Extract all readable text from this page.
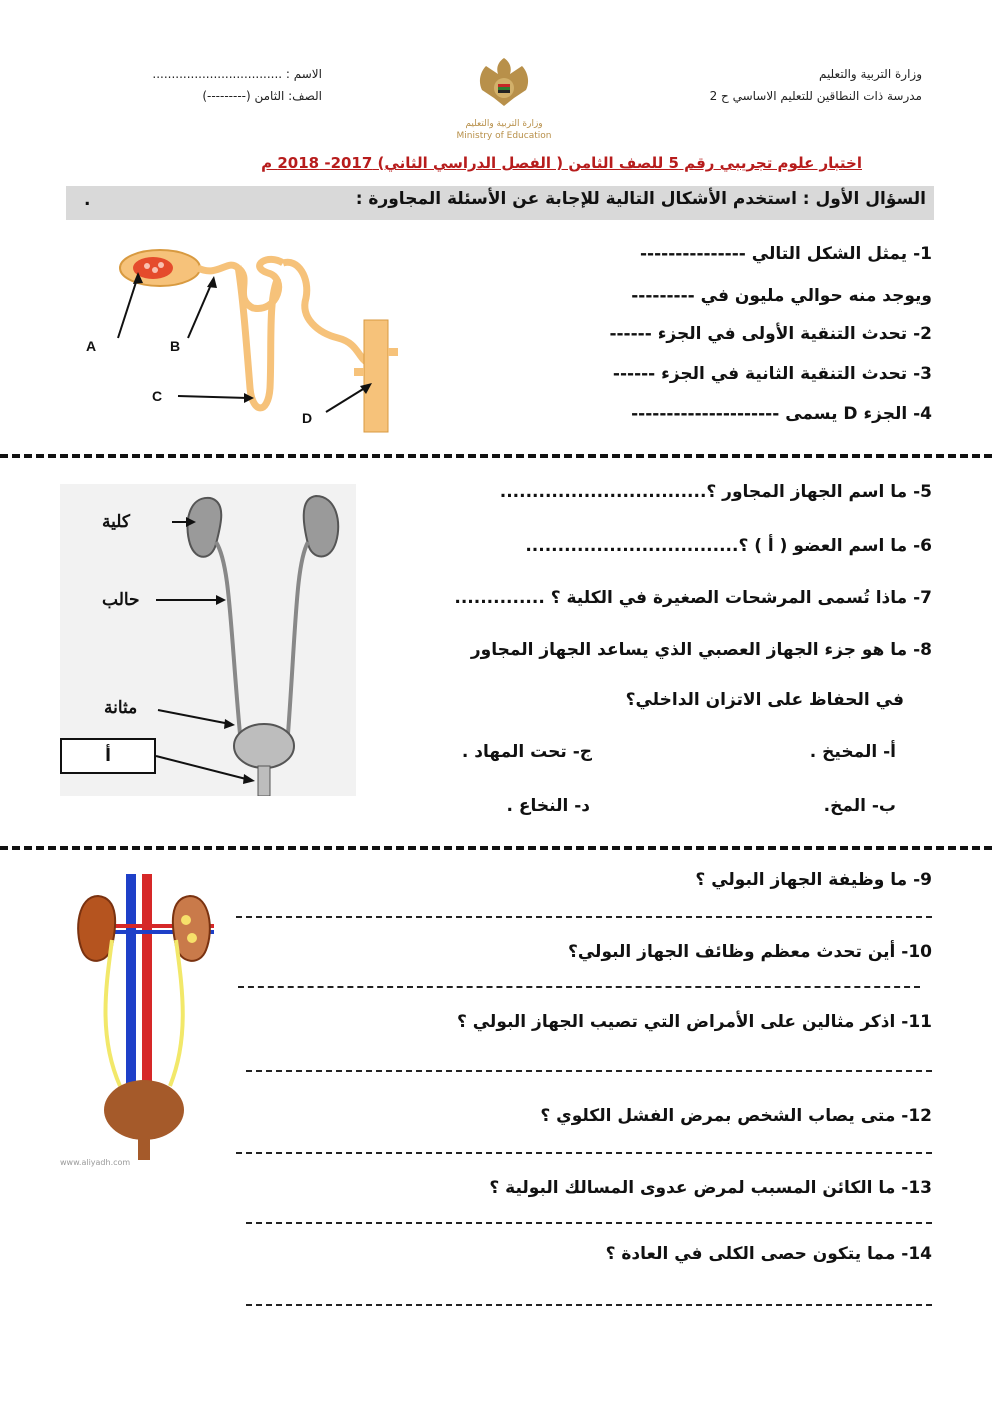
وزارة التربية والتعليم
مدرسة ذات النطاقين للتعليم الاساسي ح 2
الاسم : ..................................
الصف: الثامن (---------)
وزارة التربية والتعليم
Ministry of Education
اختبار علوم تجريبي رقم 5 للصف الثامن ( الفصل الدراسي الثاني) 2017- 2018 م
السؤال الأول : استخدم الأشكال التالية للإجابة عن الأسئلة المجاورة :
.
A	B
C
D
1- يمثل الشكل التالي ---------------
ويوجد منه حوالي مليون في ---------
2- تحدث التنقية الأولى في الجزء ------
3- تحدث التنقية الثانية في الجزء ------
4- الجزء D يسمى ---------------------
كلية
حالب
مثانة
أ
5- ما اسم الجهاز المجاور ؟................................
6- ما اسم العضو ( أ ) ؟.................................
7- ماذا تُسمى المرشحات الصغيرة في الكلية ؟ ..............
8- ما هو جزء الجهاز العصبي الذي يساعد الجهاز المجاور
في الحفاظ على الاتزان الداخلي؟
أ- المخيخ .
ج- تحت المهاد .
ب- المخ.
د- النخاع .
www.aliyadh.com
9- ما وظيفة الجهاز البولي ؟
10- أين تحدث معظم وظائف الجهاز البولي؟
11- اذكر مثالين على الأمراض التي تصيب الجهاز البولي ؟
12- متى يصاب الشخص بمرض الفشل الكلوي ؟
13- ما الكائن المسبب لمرض عدوى المسالك البولية ؟
14- مما يتكون حصى الكلى في العادة ؟
